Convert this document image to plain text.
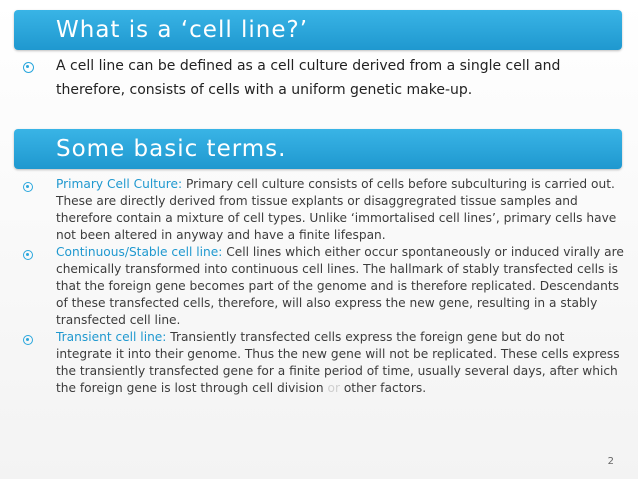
What is a ‘cell line?’
A cell line can be defined as a cell culture derived from a single cell and therefore, consists of cells with a uniform genetic make-up.
Some basic terms.
Primary Cell Culture: Primary cell culture consists of cells before subculturing is carried out. These are directly derived from tissue explants or disaggregrated tissue samples and therefore contain a mixture of cell types. Unlike ‘immortalised cell lines’, primary cells have not been altered in anyway and have a finite lifespan.
Continuous/Stable cell line: Cell lines which either occur spontaneously or induced virally are chemically transformed into continuous cell lines. The hallmark of stably transfected cells is that the foreign gene becomes part of the genome and is therefore replicated. Descendants of these transfected cells, therefore, will also express the new gene, resulting in a stably transfected cell line.
Transient cell line: Transiently transfected cells express the foreign gene but do not integrate it into their genome. Thus the new gene will not be replicated. These cells express the transiently transfected gene for a finite period of time, usually several days, after which the foreign gene is lost through cell division or other factors.
2
